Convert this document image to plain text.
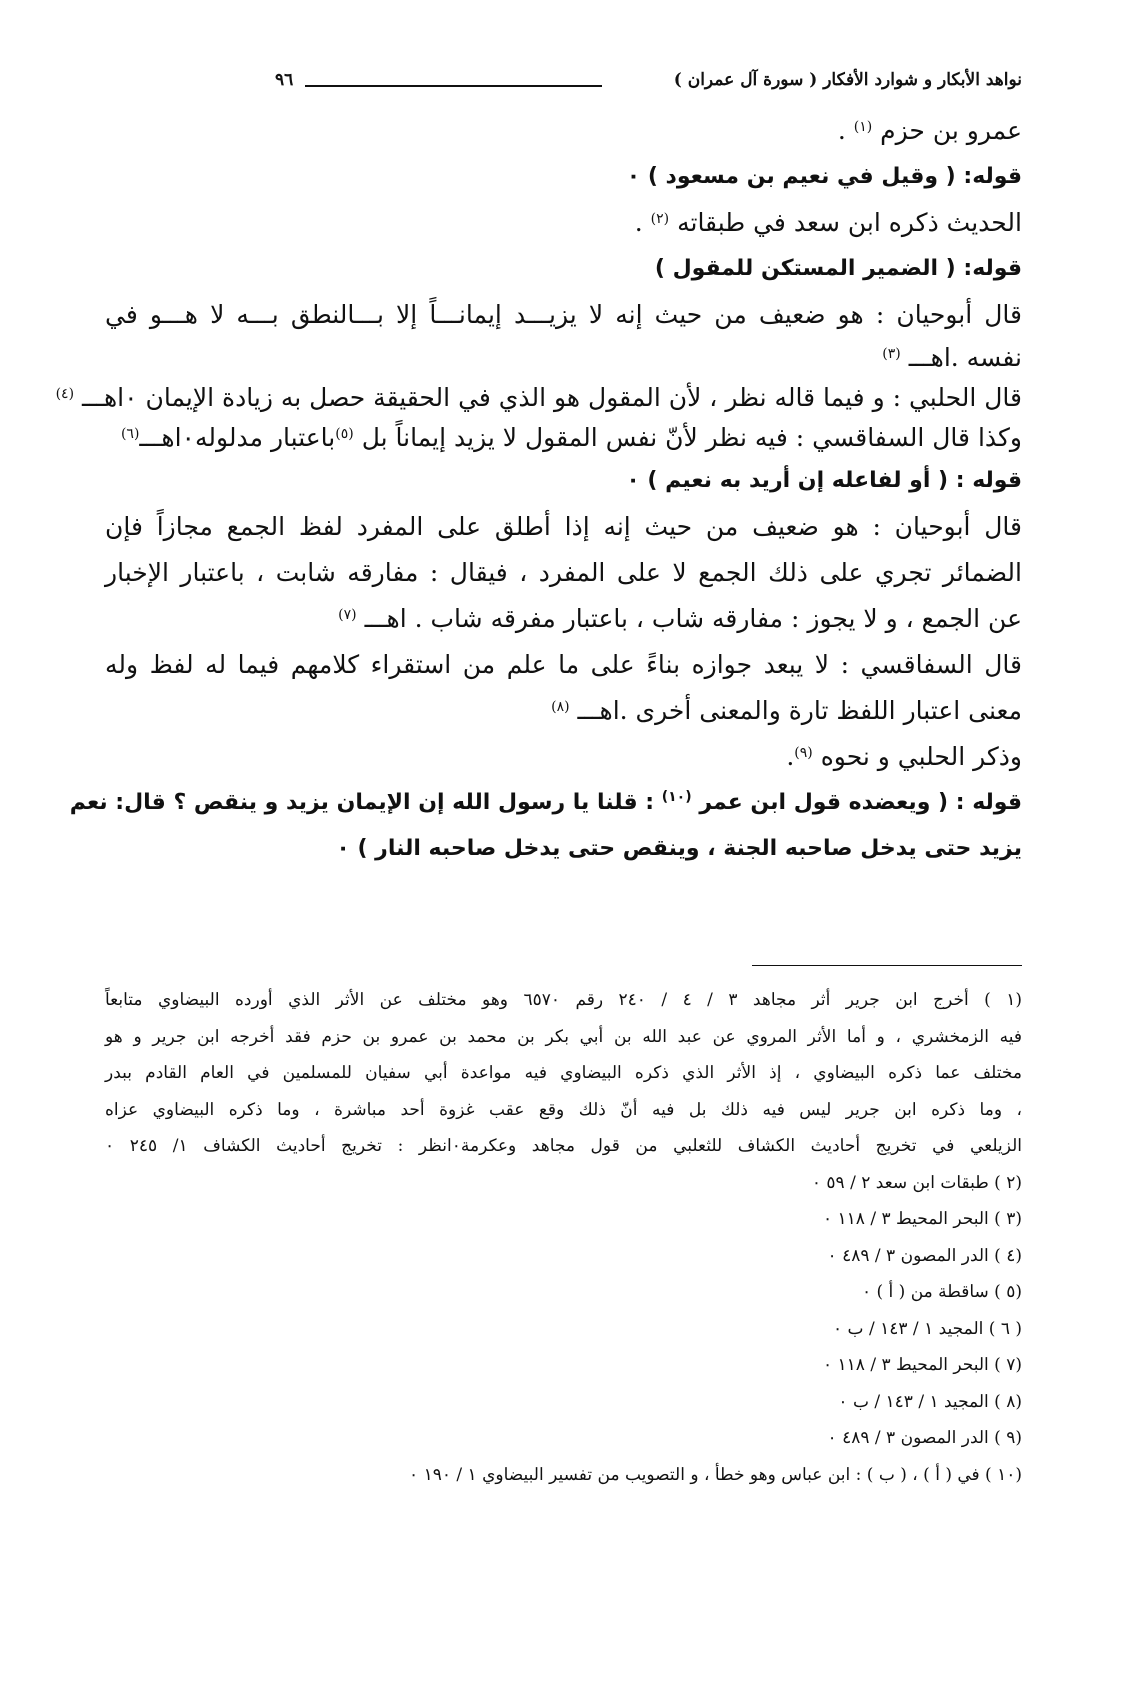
نواهد الأبكار و شوارد الأفكار ( سورة آل عمران )
٩٦
عمرو بن حزم $^{(١)}$ .
قوله: ( وقيل في نعيم بن مسعود ) ٠
الحديث ذكره ابن سعد في طبقاته $^{(٢)}$ .
قوله: ( الضمير المستكن للمقول )
قال أبوحيان : هو ضعيف من حيث إنه لا يزيـــد إيمانـــاً إلا بـــالنطق بـــه لا هـــو في
نفسه .اهـــ $^{(٣)}$
قال الحلبي : و فيما قاله نظر ، لأن المقول هو الذي في الحقيقة حصل به زيادة الإيمان ٠اهـــ $^{(٤)}$
وكذا قال السفاقسي : فيه نظر لأنّ نفس المقول لا يزيد إيماناً بل $^{(٥)}$باعتبار مدلوله٠اهـــ$^{(٦)}$
قوله : ( أو لفاعله إن أريد به نعيم ) ٠
قال أبوحيان : هو ضعيف من حيث إنه إذا أطلق على المفرد لفظ الجمع مجازاً فإن
الضمائر تجري على ذلك الجمع لا على المفرد ، فيقال : مفارقه شابت ، باعتبار الإخبار
عن الجمع ، و لا يجوز : مفارقه شاب ، باعتبار مفرقه شاب . اهـــ $^{(٧)}$
قال السفاقسي : لا يبعد جوازه بناءً على ما علم من استقراء كلامهم فيما له لفظ وله
معنى اعتبار اللفظ تارة والمعنى أخرى .اهـــ $^{(٨)}$
وذكر الحلبي و نحوه $^{(٩)}$.
قوله : ( ويعضده قول ابن عمر $^{(١٠)}$ : قلنا يا رسول الله إن الإيمان يزيد و ينقص ؟ قال: نعم
يزيد حتى يدخل صاحبه الجنة ، وينقص حتى يدخل صاحبه النار ) ٠
(١ ) أخرج ابن جرير أثر مجاهد ٣ / ٤ / ٢٤٠ رقم ٦٥٧٠ وهو مختلف عن الأثر الذي أورده البيضاوي متابعاً
فيه الزمخشري ، و أما الأثر المروي عن عبد الله بن أبي بكر بن محمد بن عمرو بن حزم فقد أخرجه ابن جرير و هو
مختلف عما ذكره البيضاوي ، إذ الأثر الذي ذكره البيضاوي فيه مواعدة أبي سفيان للمسلمين في العام القادم ببدر
، وما ذكره ابن جرير ليس فيه ذلك بل فيه أنّ ذلك وقع عقب غزوة أحد مباشرة ، وما ذكره البيضاوي عزاه
الزيلعي في تخريج أحاديث الكشاف للثعلبي من قول مجاهد وعكرمة٠انظر : تخريج أحاديث الكشاف ١/ ٢٤٥ ٠
(٢ ) طبقات ابن سعد ٢ / ٥٩ ٠
(٣ ) البحر المحيط ٣ / ١١٨ ٠
(٤ ) الدر المصون ٣ / ٤٨٩ ٠
(٥ ) ساقطة من ( أ ) ٠
( ٦ ) المجيد ١ / ١٤٣ / ب ٠
(٧ ) البحر المحيط ٣ / ١١٨ ٠
(٨ ) المجيد ١ / ١٤٣ / ب ٠
(٩ ) الدر المصون ٣ / ٤٨٩ ٠
(١٠ ) في ( أ ) ، ( ب ) : ابن عباس وهو خطأ ، و التصويب من تفسير البيضاوي ١ / ١٩٠ ٠
